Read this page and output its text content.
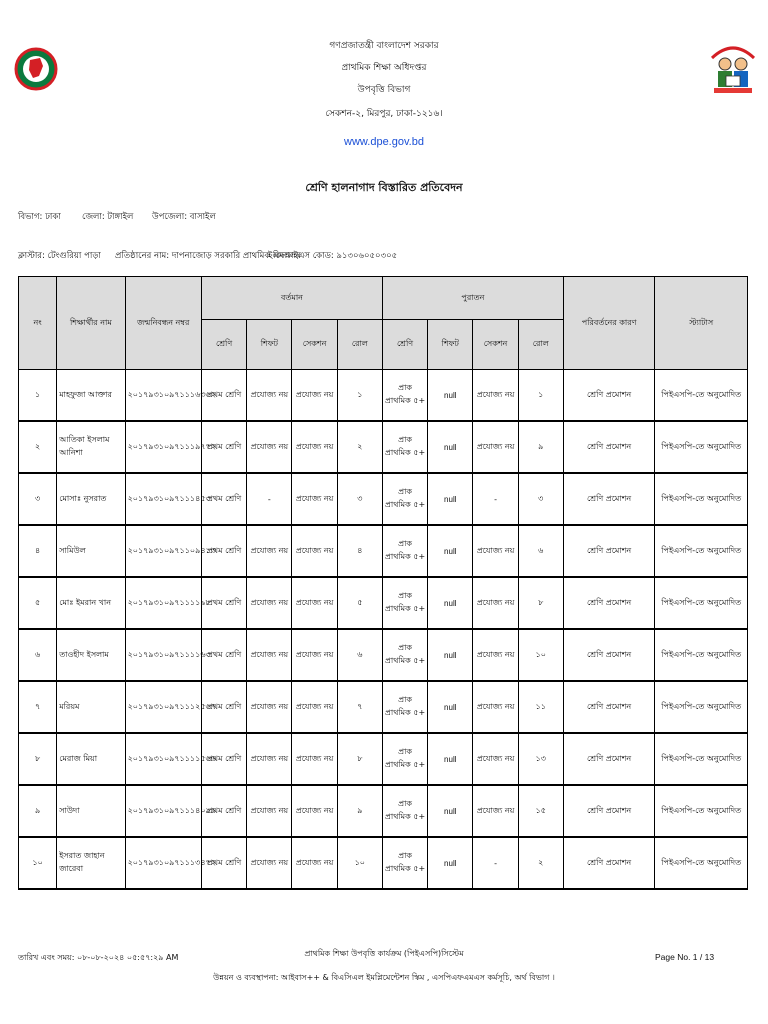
গণপ্রজাতন্ত্রী বাংলাদেশ সরকার
প্রাথমিক শিক্ষা অধিদপ্তর
উপবৃত্তি বিভাগ
সেকশন-২, মিরপুর, ঢাকা-১২১৬।
www.dpe.gov.bd
শ্রেণি হালনাগাদ বিস্তারিত প্রতিবেদন
বিভাগ: ঢাকা জেলা: টাঙ্গাইল উপজেলা: বাসাইল
ক্লাস্টার: টেংগুরিয়া পাড়া প্রতিষ্ঠানের নাম: দাপনাজোড় সরকারি প্রাথমিক বিদ্যালয়
ইএমআইএস কোড: ৯১৩০৬০৫০৩০৫
নং	শিক্ষার্থীর নাম	জন্মনিবন্ধন নম্বর	বর্তমান				পুরাতন				পরিবর্তনের কারণ	স্ট্যাটাস
			শ্রেণি	শিফট	সেকশন	রোল	শ্রেণি	শিফট	সেকশন	রোল		
১	মাহফুজা আক্তার	২০১৭৯৩১০৯৭১১১৬৩৬২	প্রথম শ্রেণি	প্রযোজ্য নয়	প্রযোজ্য নয়	১	প্রাক
প্রাথমিক ৫+	null	প্রযোজ্য নয়	১	শ্রেণি প্রমোশন	পিইএসপি-তে অনুমোদিত
২	আতিকা ইসলাম আনিশা	২০১৭৯৩১০৯৭১১১৯৭৭২	প্রথম শ্রেণি	প্রযোজ্য নয়	প্রযোজ্য নয়	২	প্রাক
প্রাথমিক ৫+	null	প্রযোজ্য নয়	৯	শ্রেণি প্রমোশন	পিইএসপি-তে অনুমোদিত
৩	মোসাঃ নুসরাত	২০১৭৯৩১০৯৭১১১৪৫৩	প্রথম শ্রেণি	-	প্রযোজ্য নয়	৩	প্রাক
প্রাথমিক ৫+	null	-	৩	শ্রেণি প্রমোশন	পিইএসপি-তে অনুমোদিত
৪	সামিউল	২০১৭৯৩১০৯৭১১০৯৪১৩	প্রথম শ্রেণি	প্রযোজ্য নয়	প্রযোজ্য নয়	৪	প্রাক
প্রাথমিক ৫+	null	প্রযোজ্য নয়	৬	শ্রেণি প্রমোশন	পিইএসপি-তে অনুমোদিত
৫	মোঃ ইমরান খান	২০১৭৯৩১০৯৭১১১১৯৮	প্রথম শ্রেণি	প্রযোজ্য নয়	প্রযোজ্য নয়	৫	প্রাক
প্রাথমিক ৫+	null	প্রযোজ্য নয়	৮	শ্রেণি প্রমোশন	পিইএসপি-তে অনুমোদিত
৬	তাওহীদ ইসলাম	২০১৭৯৩১০৯৭১১১১৬৩	প্রথম শ্রেণি	প্রযোজ্য নয়	প্রযোজ্য নয়	৬	প্রাক
প্রাথমিক ৫+	null	প্রযোজ্য নয়	১০	শ্রেণি প্রমোশন	পিইএসপি-তে অনুমোদিত
৭	মরিয়ম	২০১৭৯৩১০৯৭১১১২৫৬৭	প্রথম শ্রেণি	প্রযোজ্য নয়	প্রযোজ্য নয়	৭	প্রাক
প্রাথমিক ৫+	null	প্রযোজ্য নয়	১১	শ্রেণি প্রমোশন	পিইএসপি-তে অনুমোদিত
৮	মেরাজ মিয়া	২০১৭৯৩১০৯৭১১১১৫৬৬	প্রথম শ্রেণি	প্রযোজ্য নয়	প্রযোজ্য নয়	৮	প্রাক
প্রাথমিক ৫+	null	প্রযোজ্য নয়	১৩	শ্রেণি প্রমোশন	পিইএসপি-তে অনুমোদিত
৯	সাউদা	২০১৭৯৩১০৯৭১১১৪০৯৯	প্রথম শ্রেণি	প্রযোজ্য নয়	প্রযোজ্য নয়	৯	প্রাক
প্রাথমিক ৫+	null	প্রযোজ্য নয়	১৫	শ্রেণি প্রমোশন	পিইএসপি-তে অনুমোদিত
১০	ইসরাত জাহান জারেবা	২০১৭৯৩১০৯৭১১১৩৪৭২	প্রথম শ্রেণি	প্রযোজ্য নয়	প্রযোজ্য নয়	১০	প্রাক
প্রাথমিক ৫+	null	-	২	শ্রেণি প্রমোশন	পিইএসপি-তে অনুমোদিত
তারিখ এবং সময়: ০৮-০৮-২০২৪ ০৫:৫৭:২৯ AM	প্রাথমিক শিক্ষা উপবৃত্তি কার্যক্রম (পিইএসপি)সিস্টেম	Page No. 1 / 13
উন্নয়ন ও ব্যবস্থাপনা: আইবাস++ & বিএসিএল ইমপ্লিমেন্টেশন স্কিম , এসপিএফএমএস কর্মসূচি, অর্থ বিভাগ ।
